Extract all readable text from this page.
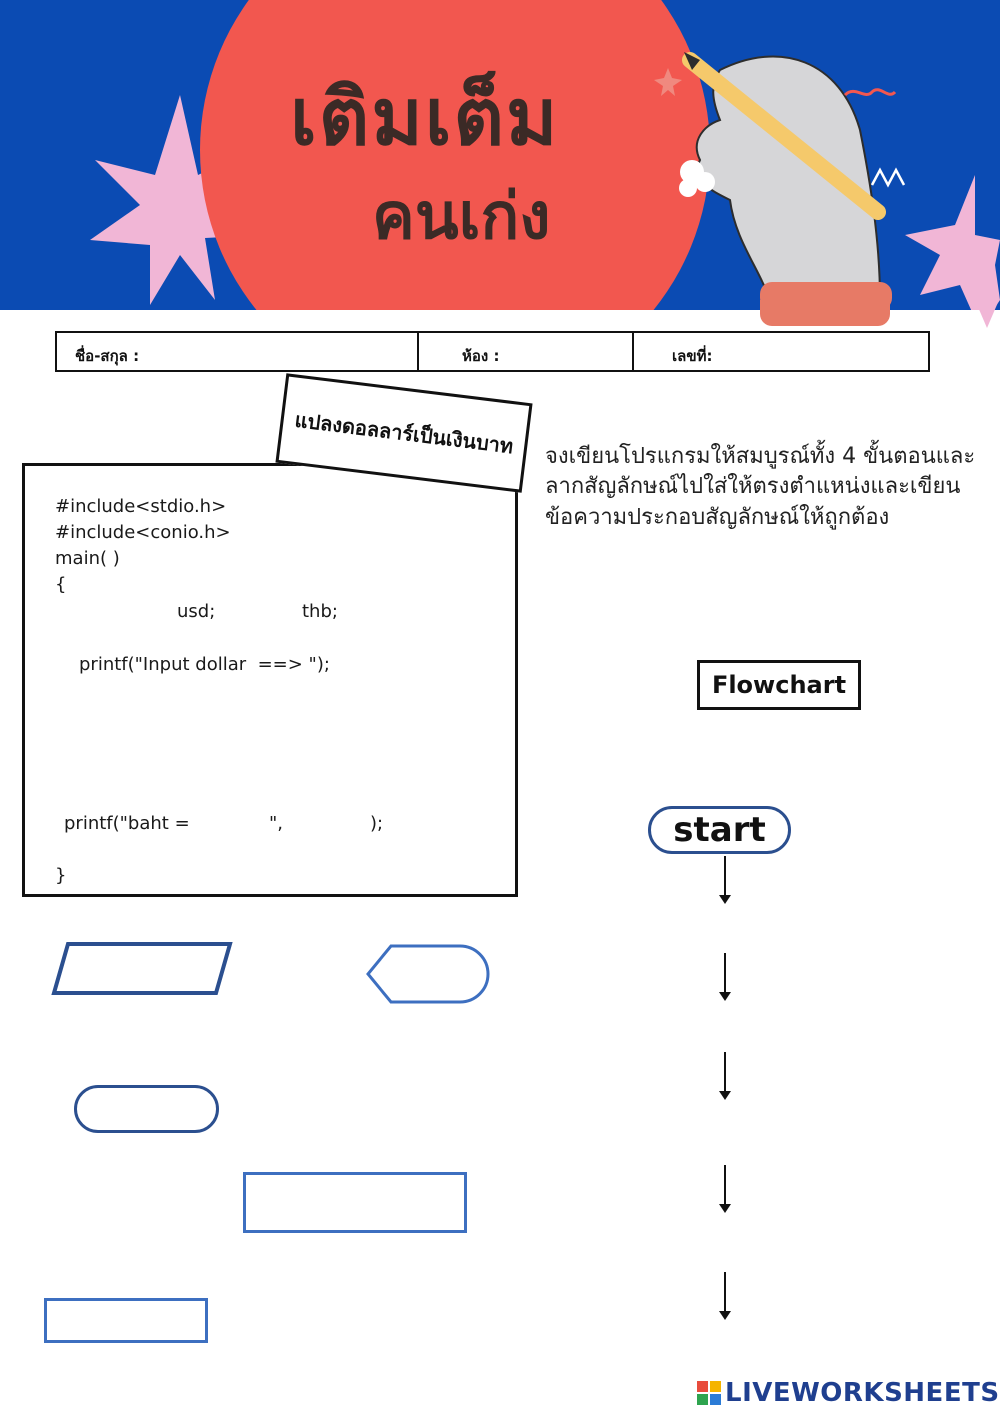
เติมเต็ม
คนเก่ง
ชื่อ-สกุล :	ห้อง :	เลขที่:
#include<stdio.h>
#include<conio.h>
main( )
{
usd;	thb;
printf("Input dollar  ==> ");
printf("baht =	",	);
}
แปลงดอลลาร์เป็นเงินบาท	จงเขียนโปรแกรมให้สมบูรณ์ทั้ง 4 ขั้นตอนและลากสัญลักษณ์ไปใส่ให้ตรงตำแหน่งและเขียนข้อความประกอบสัญลักษณ์ให้ถูกต้อง
Flowchart
start
LIVEWORKSHEETS
